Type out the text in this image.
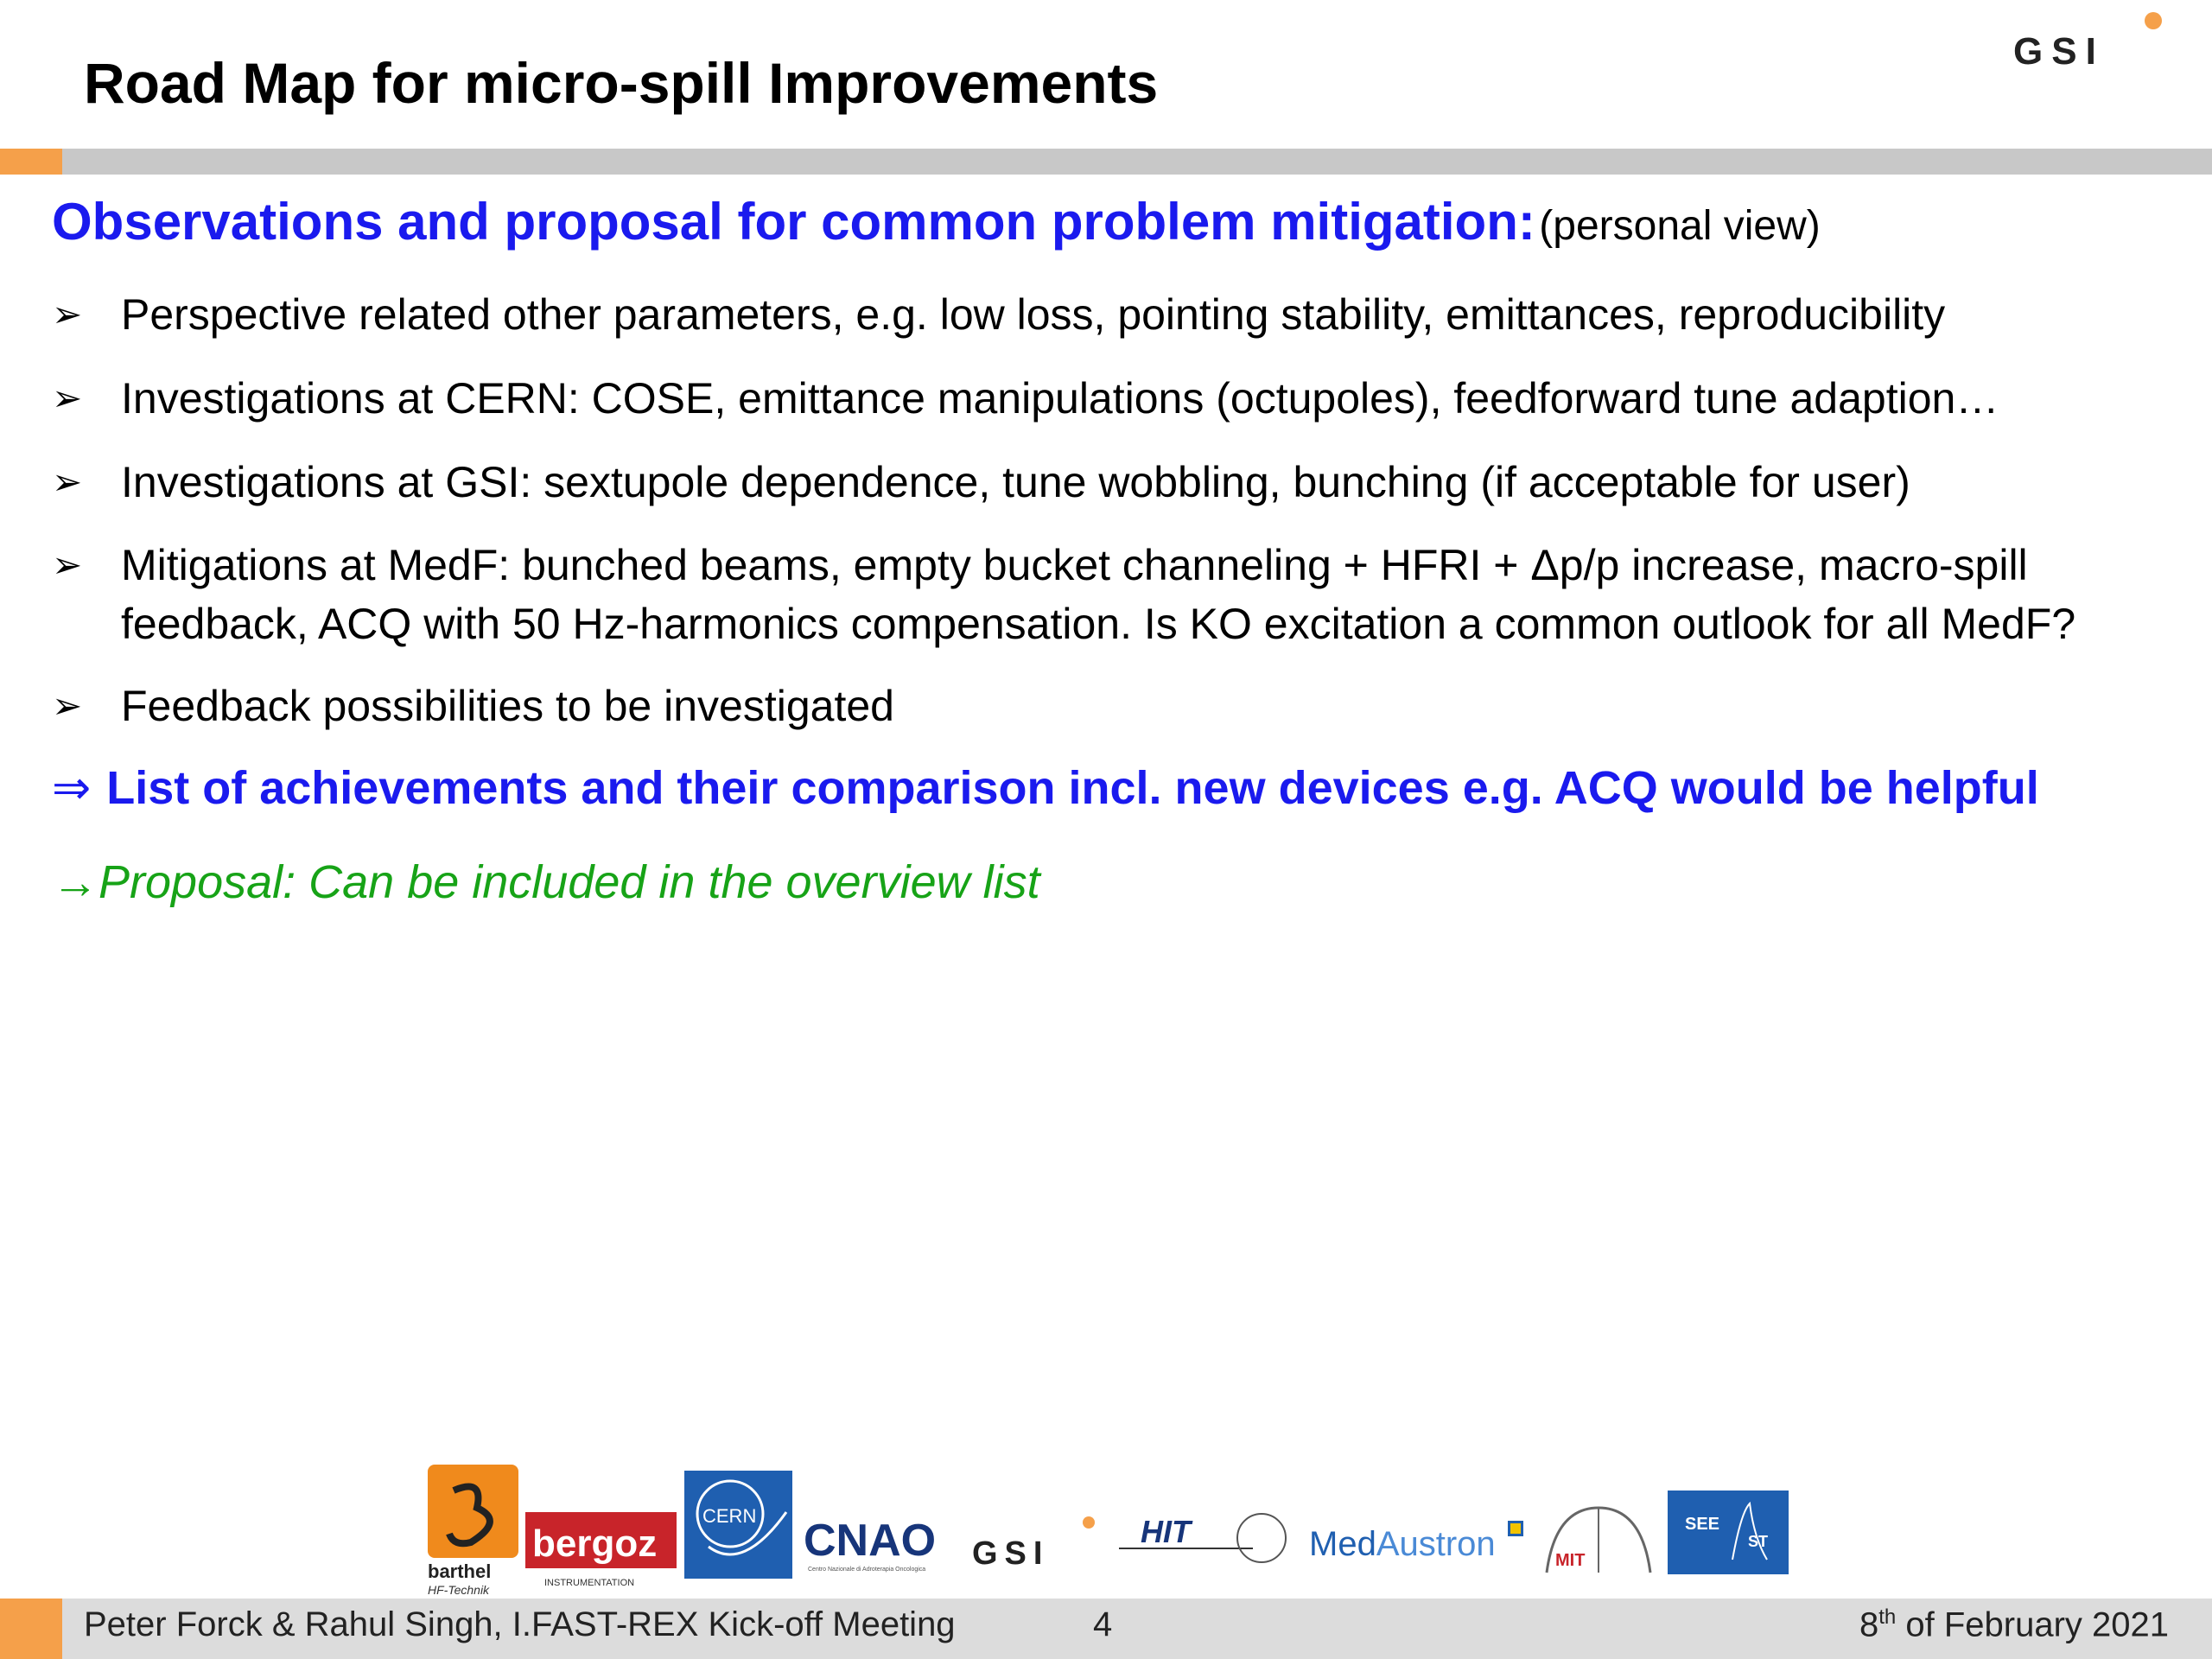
Road Map for micro-spill Improvements	GSI
Observations and proposal for common problem mitigation: (personal view)
➢ Perspective related other parameters, e.g. low loss, pointing stability, emittances, reproducibility
➢ Investigations at CERN: COSE, emittance manipulations (octupoles), feedforward tune adaption…
➢ Investigations at GSI: sextupole dependence, tune wobbling, bunching (if acceptable for user)
➢ Mitigations at MedF: bunched beams, empty bucket channeling + HFRI + Δp/p increase, macro-spill feedback, ACQ with 50 Hz-harmonics compensation. Is KO excitation a common outlook for all MedF?
➢ Feedback possibilities to be investigated
⇒ List of achievements and their comparison incl. new devices e.g. ACQ would be helpful
→Proposal: Can be included in the overview list
barthel
HF-Technik
bergoz
INSTRUMENTATION
CERN CNAO
Centro Nazionale di Adroterapia Oncologica GSI
HIT	MedAustron	MIT
SEE
ST
Peter Forck & Rahul Singh, I.FAST-REX Kick-off Meeting	4	8th of February 2021
